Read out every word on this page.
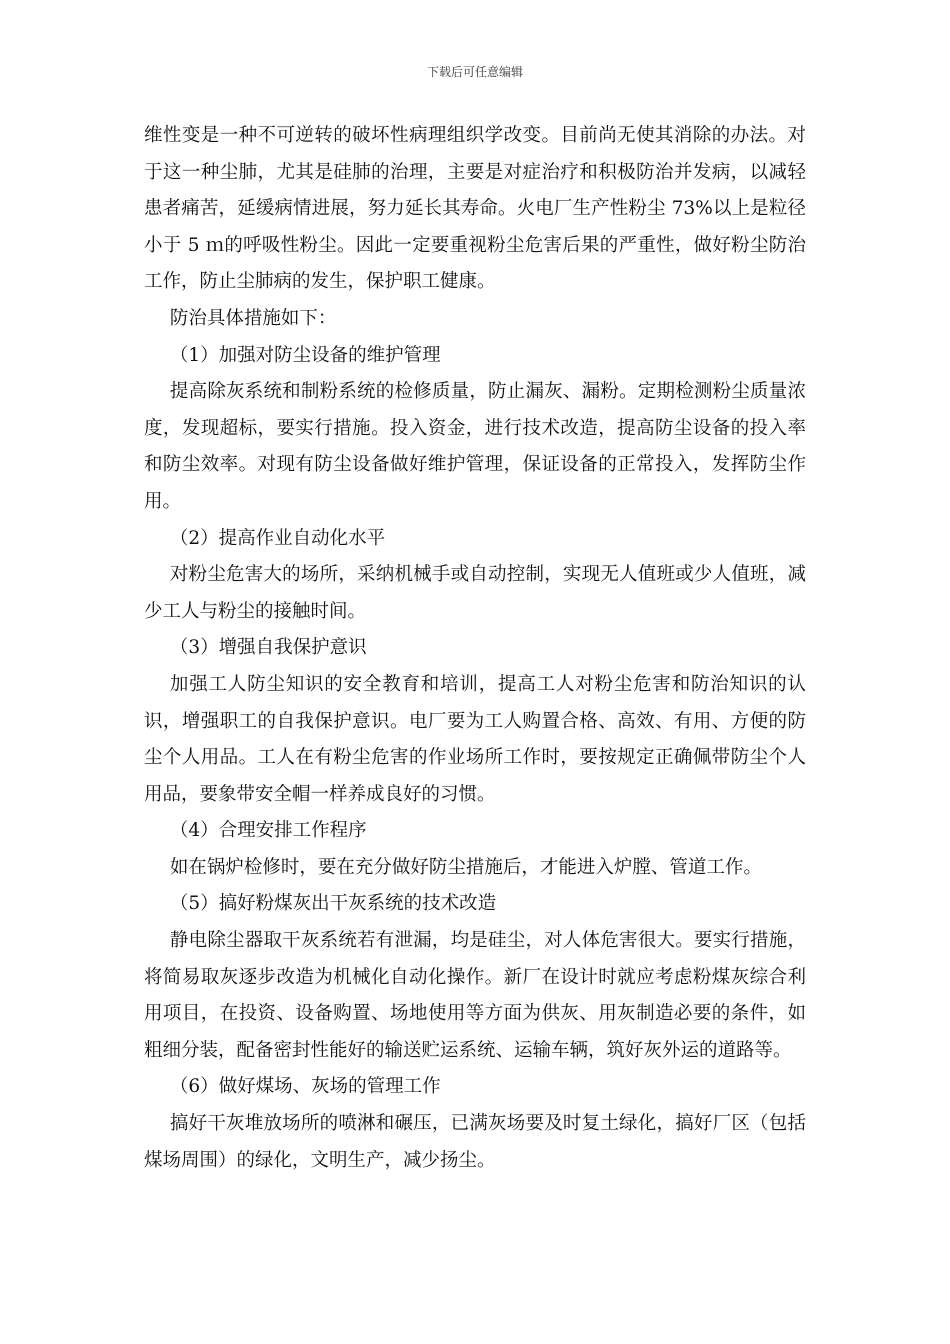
下载后可任意编辑

维性变是一种不可逆转的破坏性病理组织学改变。目前尚无使其消除的办法。对于这一种尘肺，尤其是硅肺的治理，主要是对症治疗和积极防治并发病，以减轻患者痛苦，延缓病情进展，努力延长其寿命。火电厂生产性粉尘 73%以上是粒径小于 5 ｍ的呼吸性粉尘。因此一定要重视粉尘危害后果的严重性，做好粉尘防治工作，防止尘肺病的发生，保护职工健康。

防治具体措施如下：

（1）加强对防尘设备的维护管理

提高除灰系统和制粉系统的检修质量，防止漏灰、漏粉。定期检测粉尘质量浓度，发现超标，要实行措施。投入资金，进行技术改造，提高防尘设备的投入率和防尘效率。对现有防尘设备做好维护管理，保证设备的正常投入，发挥防尘作用。

（2）提高作业自动化水平

对粉尘危害大的场所，采纳机械手或自动控制，实现无人值班或少人值班，减少工人与粉尘的接触时间。

（3）增强自我保护意识

加强工人防尘知识的安全教育和培训，提高工人对粉尘危害和防治知识的认识，增强职工的自我保护意识。电厂要为工人购置合格、高效、有用、方便的防尘个人用品。工人在有粉尘危害的作业场所工作时，要按规定正确佩带防尘个人用品，要象带安全帽一样养成良好的习惯。

（4）合理安排工作程序

如在锅炉检修时，要在充分做好防尘措施后，才能进入炉膛、管道工作。

（5）搞好粉煤灰出干灰系统的技术改造

静电除尘器取干灰系统若有泄漏，均是硅尘，对人体危害很大。要实行措施，将简易取灰逐步改造为机械化自动化操作。新厂在设计时就应考虑粉煤灰综合利用项目，在投资、设备购置、场地使用等方面为供灰、用灰制造必要的条件，如粗细分装，配备密封性能好的输送贮运系统、运输车辆，筑好灰外运的道路等。

（6）做好煤场、灰场的管理工作

搞好干灰堆放场所的喷淋和碾压，已满灰场要及时复土绿化，搞好厂区（包括煤场周围）的绿化，文明生产，减少扬尘。
